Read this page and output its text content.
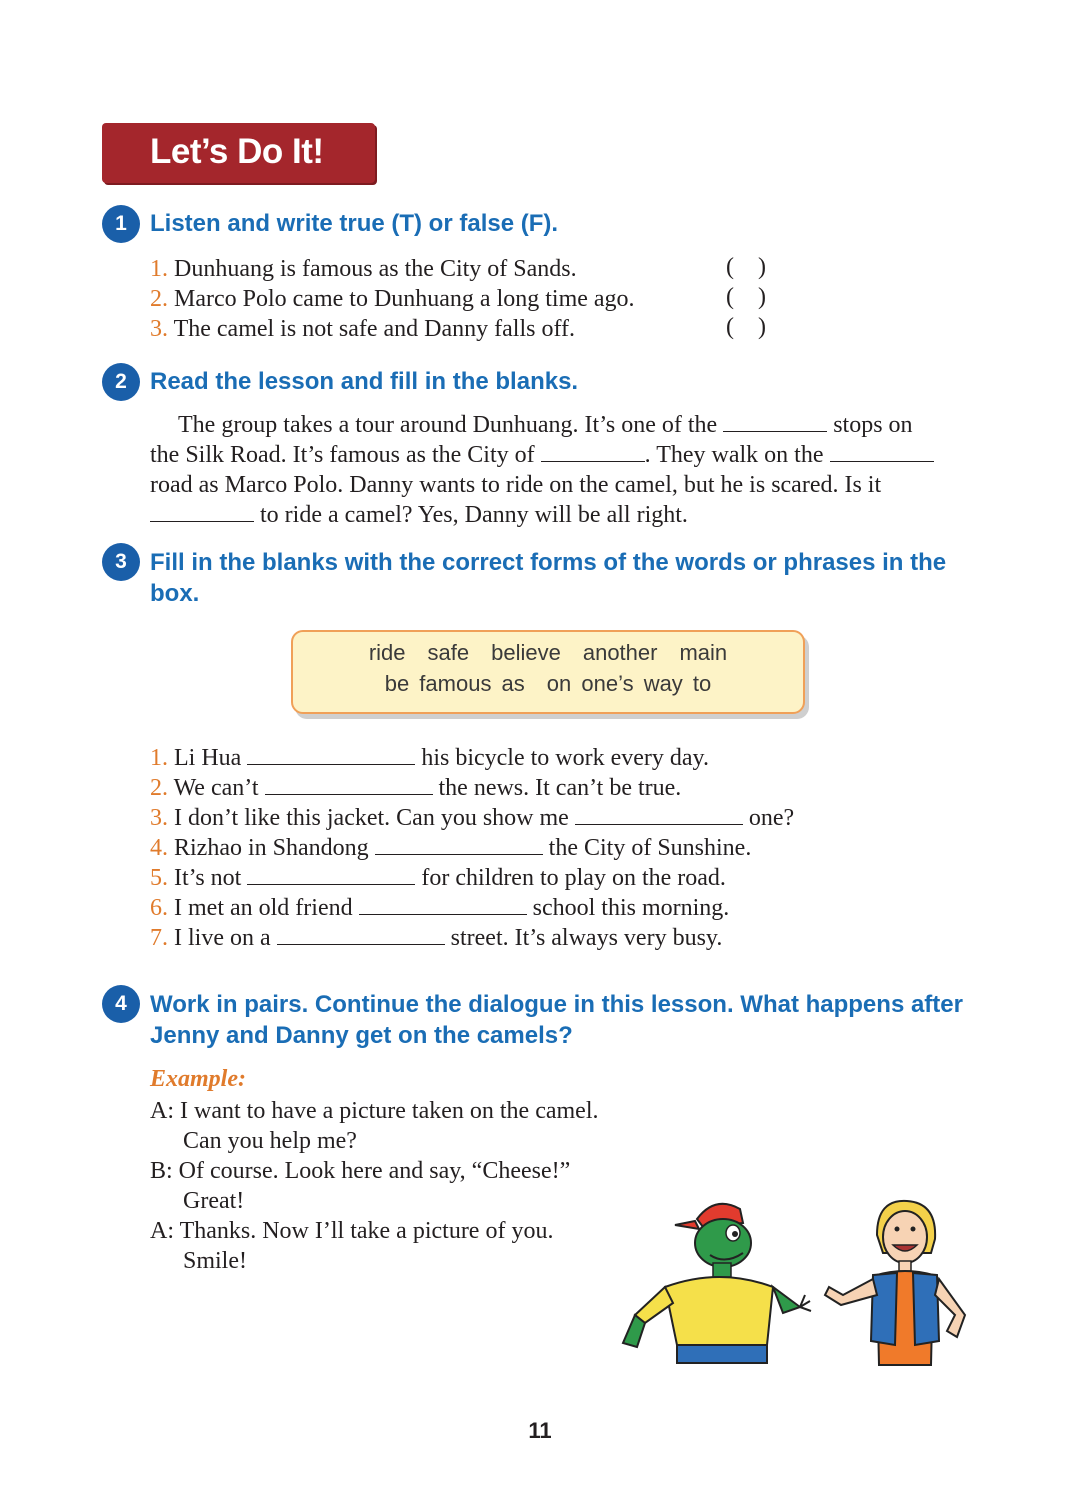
Let’s Do It!
1 Listen and write true (T) or false (F).
1. Dunhuang is famous as the City of Sands.	(    )
2. Marco Polo came to Dunhuang a long time ago.	(    )
3. The camel is not safe and Danny falls off.	(    )
2 Read the lesson and fill in the blanks.
The group takes a tour around Dunhuang. It’s one of the	stops on
the Silk Road. It’s famous as the City of	. They walk on the
road as Marco Polo. Danny wants to ride on the camel, but he is scared. Is it
to ride a camel? Yes, Danny will be all right.
3 Fill in the blanks with the correct forms of the words or phrases in the box.
ride safe believe another main
be famous as on one’s way to
1. Li Hua	his bicycle to work every day.
2. We can’t	the news. It can’t be true.
3. I don’t like this jacket. Can you show me	one?
4. Rizhao in Shandong	the City of Sunshine.
5. It’s not	for children to play on the road.
6. I met an old friend	school this morning.
7. I live on a	street. It’s always very busy.
4 Work in pairs. Continue the dialogue in this lesson. What happens after Jenny and Danny get on the camels?
Example:
A: I want to have a picture taken on the camel.
Can you help me?
B: Of course. Look here and say, “Cheese!”
Great!
A: Thanks. Now I’ll take a picture of you.
Smile!
11
